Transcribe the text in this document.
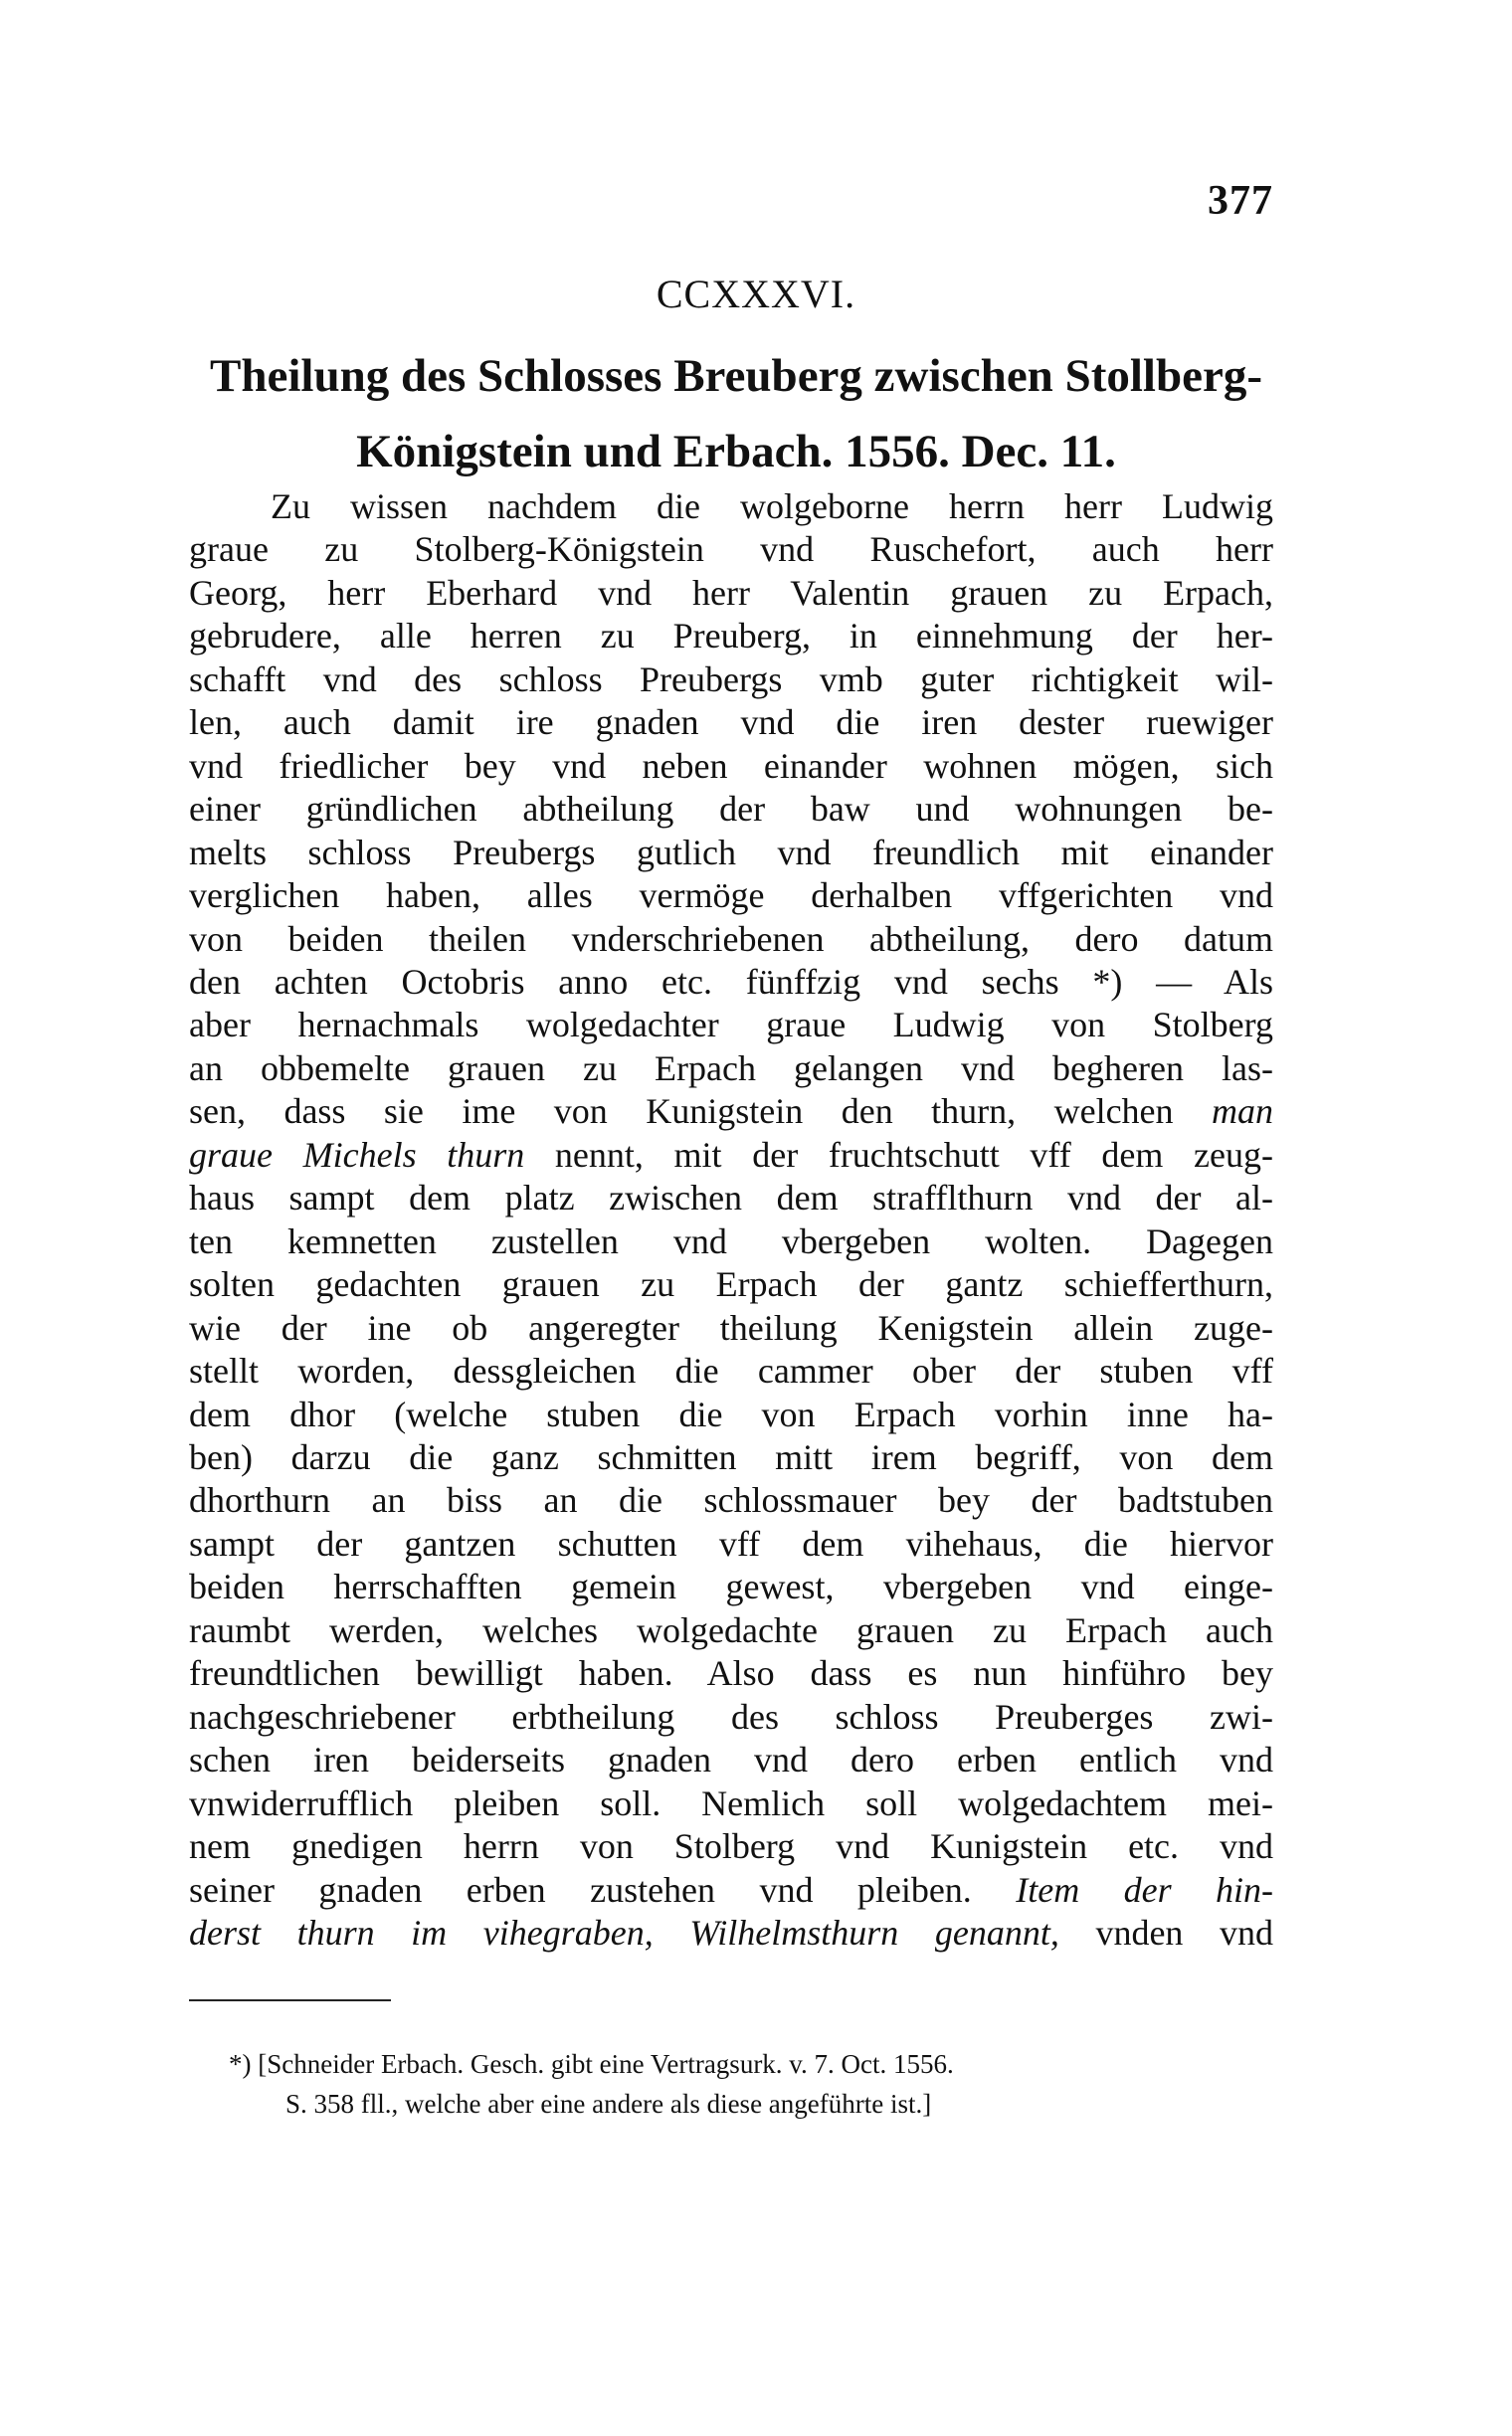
377
CCXXXVI.
Theilung des Schlosses Breuberg zwischen Stollberg-
Königstein und Erbach. 1556. Dec. 11.
Zu wissen nachdem die wolgeborne herrn herr Ludwig
graue zu Stolberg-Königstein vnd Ruschefort, auch herr
Georg, herr Eberhard vnd herr Valentin grauen zu Erpach,
gebrudere, alle herren zu Preuberg, in einnehmung der her-
schafft vnd des schloss Preubergs vmb guter richtigkeit wil-
len, auch damit ire gnaden vnd die iren dester ruewiger
vnd friedlicher bey vnd neben einander wohnen mögen, sich
einer gründlichen abtheilung der baw und wohnungen be-
melts schloss Preubergs gutlich vnd freundlich mit einander
verglichen haben, alles vermöge derhalben vffgerichten vnd
von beiden theilen vnderschriebenen abtheilung, dero datum
den achten Octobris anno etc. fünffzig vnd sechs *) — Als
aber hernachmals wolgedachter graue Ludwig von Stolberg
an obbemelte grauen zu Erpach gelangen vnd begheren las-
sen, dass sie ime von Kunigstein den thurn, welchen man
graue Michels thurn nennt, mit der fruchtschutt vff dem zeug-
haus sampt dem platz zwischen dem strafflthurn vnd der al-
ten kemnetten zustellen vnd vbergeben wolten. Dagegen
solten gedachten grauen zu Erpach der gantz schiefferthurn,
wie der ine ob angeregter theilung Kenigstein allein zuge-
stellt worden, dessgleichen die cammer ober der stuben vff
dem dhor (welche stuben die von Erpach vorhin inne ha-
ben) darzu die ganz schmitten mitt irem begriff, von dem
dhorthurn an biss an die schlossmauer bey der badtstuben
sampt der gantzen schutten vff dem vihehaus, die hiervor
beiden herrschafften gemein gewest, vbergeben vnd einge-
raumbt werden, welches wolgedachte grauen zu Erpach auch
freundtlichen bewilligt haben. Also dass es nun hinführo bey
nachgeschriebener erbtheilung des schloss Preuberges zwi-
schen iren beiderseits gnaden vnd dero erben entlich vnd
vnwiderrufflich pleiben soll. Nemlich soll wolgedachtem mei-
nem gnedigen herrn von Stolberg vnd Kunigstein etc. vnd
seiner gnaden erben zustehen vnd pleiben. Item der hin-
derst thurn im vihegraben, Wilhelmsthurn genannt, vnden vnd
*) [Schneider Erbach. Gesch. gibt eine Vertragsurk. v. 7. Oct. 1556.
S. 358 fll., welche aber eine andere als diese angeführte ist.]
